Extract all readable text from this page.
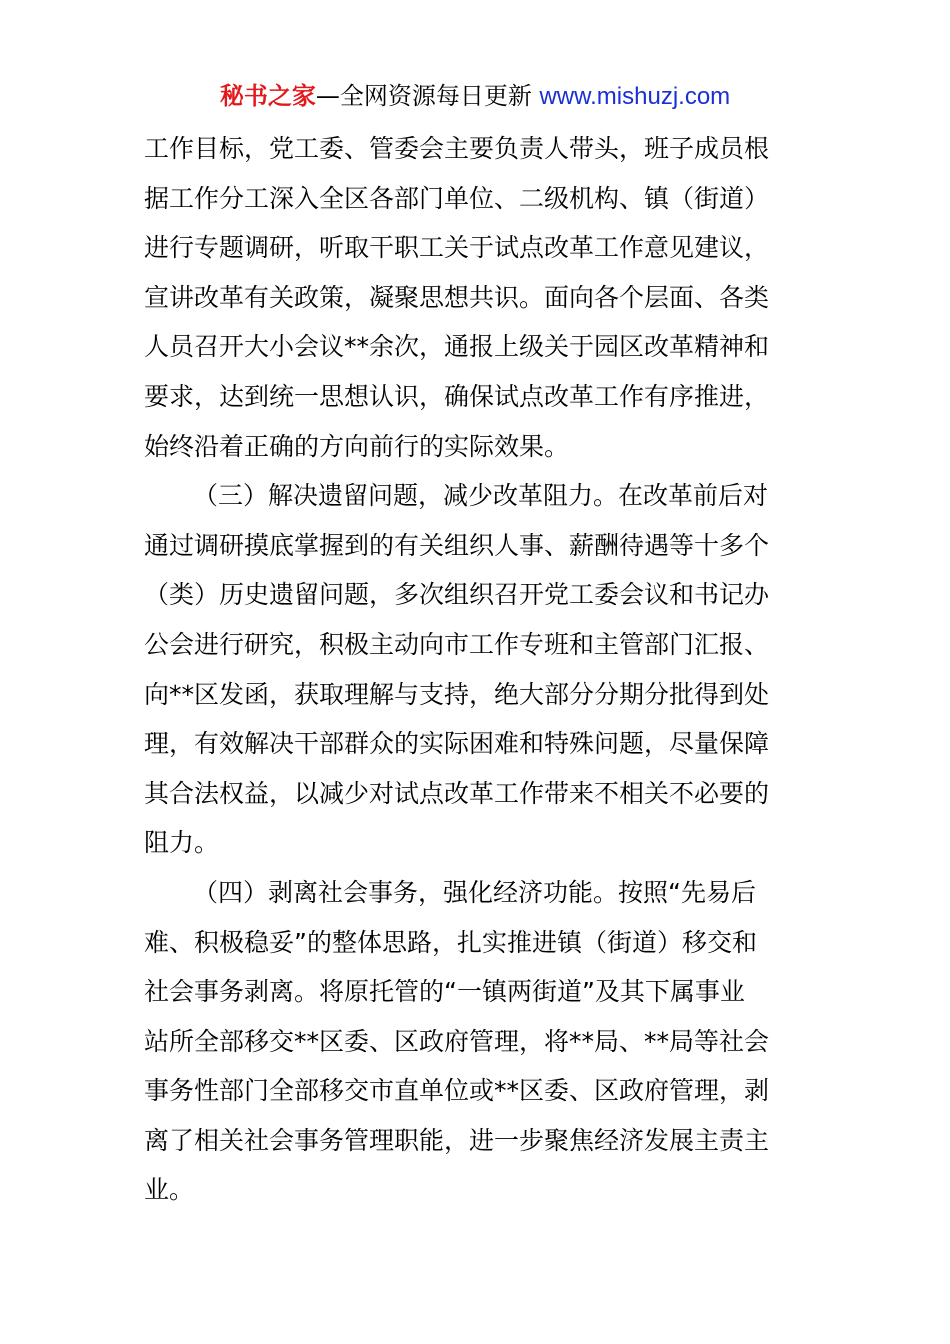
秘书之家—全网资源每日更新 www.mishuzj.com
工作目标，党工委、管委会主要负责人带头，班子成员根
据工作分工深入全区各部门单位、二级机构、镇（街道）
进行专题调研，听取干职工关于试点改革工作意见建议，
宣讲改革有关政策，凝聚思想共识。面向各个层面、各类
人员召开大小会议**余次，通报上级关于园区改革精神和
要求，达到统一思想认识，确保试点改革工作有序推进，
始终沿着正确的方向前行的实际效果。
（三）解决遗留问题，减少改革阻力。在改革前后对
通过调研摸底掌握到的有关组织人事、薪酬待遇等十多个
（类）历史遗留问题，多次组织召开党工委会议和书记办
公会进行研究，积极主动向市工作专班和主管部门汇报、
向**区发函，获取理解与支持，绝大部分分期分批得到处
理，有效解决干部群众的实际困难和特殊问题，尽量保障
其合法权益，以减少对试点改革工作带来不相关不必要的
阻力。
（四）剥离社会事务，强化经济功能。按照“先易后
难、积极稳妥”的整体思路，扎实推进镇（街道）移交和
社会事务剥离。将原托管的“一镇两街道”及其下属事业
站所全部移交**区委、区政府管理，将**局、**局等社会
事务性部门全部移交市直单位或**区委、区政府管理，剥
离了相关社会事务管理职能，进一步聚焦经济发展主责主
业。
